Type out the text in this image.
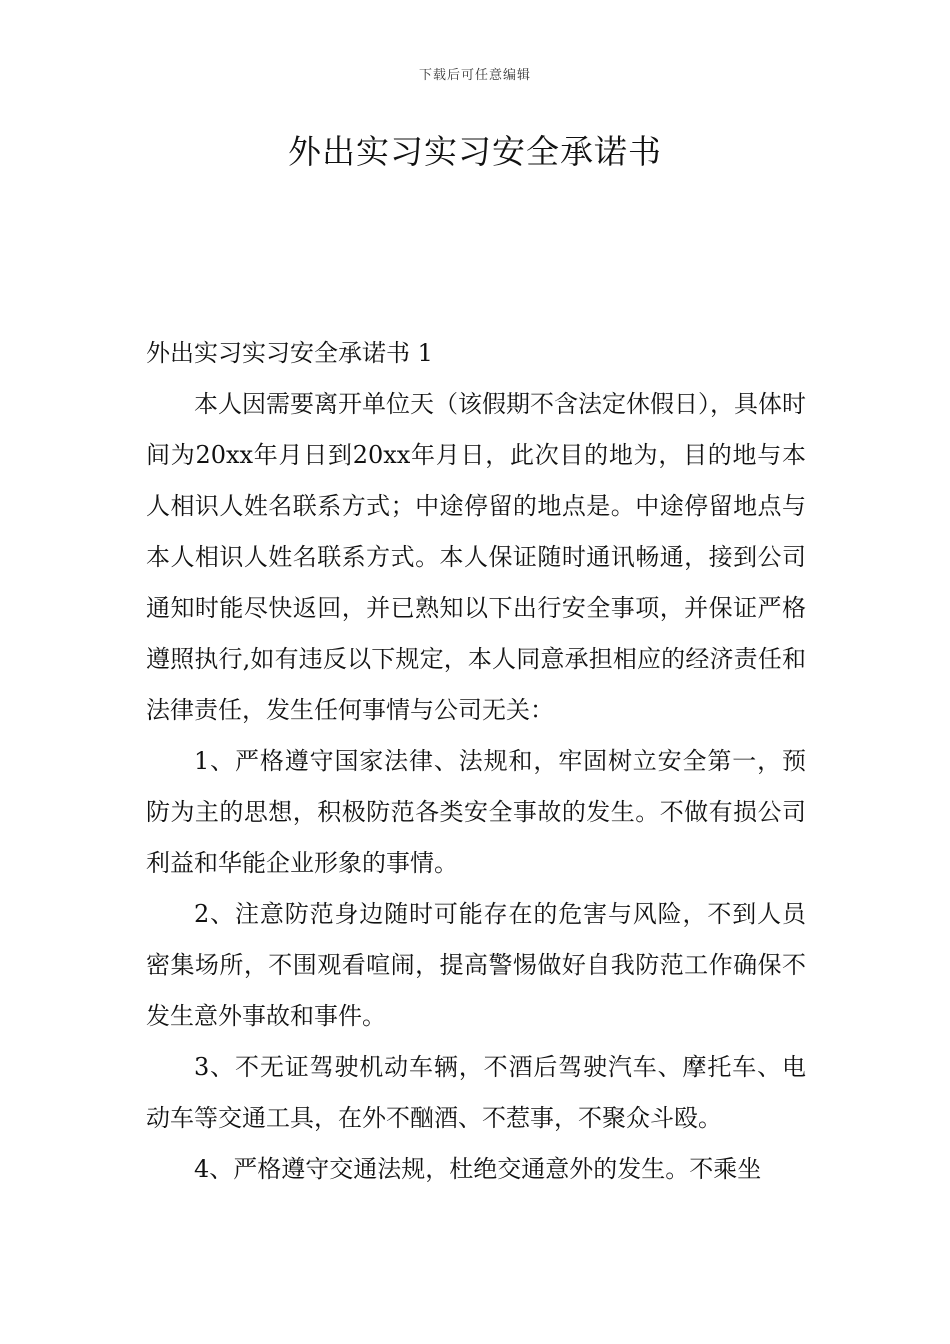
下载后可任意编辑
外出实习实习安全承诺书

外出实习实习安全承诺书 1

本人因需要离开单位天（该假期不含法定休假日），具体时间为20xx年月日到20xx年月日，此次目的地为，目的地与本人相识人姓名联系方式；中途停留的地点是。中途停留地点与本人相识人姓名联系方式。本人保证随时通讯畅通，接到公司通知时能尽快返回，并已熟知以下出行安全事项，并保证严格遵照执行,如有违反以下规定，本人同意承担相应的经济责任和法律责任，发生任何事情与公司无关：

1、严格遵守国家法律、法规和，牢固树立安全第一，预防为主的思想，积极防范各类安全事故的发生。不做有损公司利益和华能企业形象的事情。
2、注意防范身边随时可能存在的危害与风险，不到人员密集场所，不围观看喧闹，提高警惕做好自我防范工作确保不发生意外事故和事件。
3、不无证驾驶机动车辆，不酒后驾驶汽车、摩托车、电动车等交通工具，在外不酗酒、不惹事，不聚众斗殴。
4、严格遵守交通法规，杜绝交通意外的发生。不乘坐
